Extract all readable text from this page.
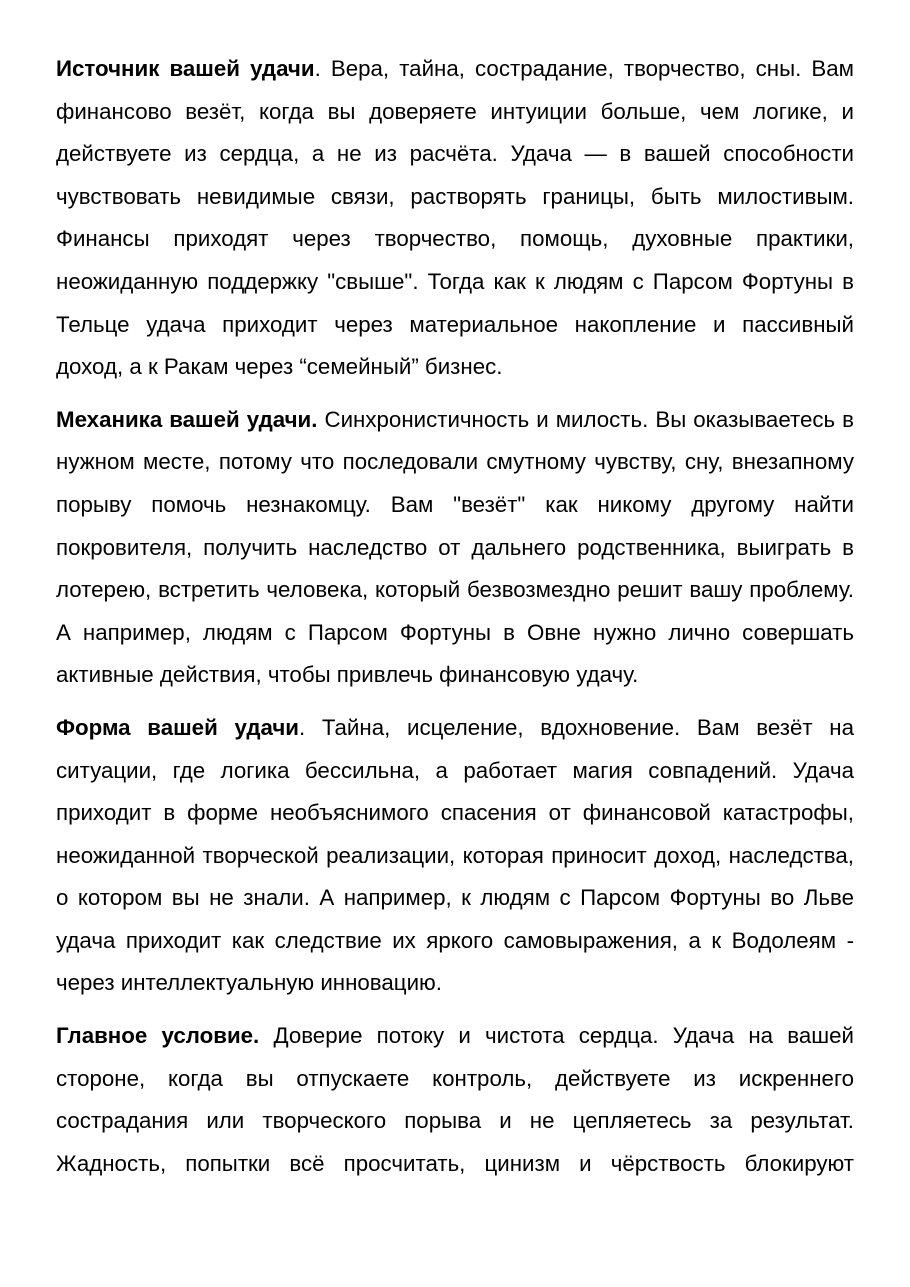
Источник вашей удачи. Вера, тайна, сострадание, творчество, сны. Вам финансово везёт, когда вы доверяете интуиции больше, чем логике, и действуете из сердца, а не из расчёта. Удача — в вашей способности чувствовать невидимые связи, растворять границы, быть милостивым. Финансы приходят через творчество, помощь, духовные практики, неожиданную поддержку "свыше". Тогда как к людям с Парсом Фортуны в Тельце удача приходит через материальное накопление и пассивный доход, а к Ракам через “семейный” бизнес.

Механика вашей удачи. Синхронистичность и милость. Вы оказываетесь в нужном месте, потому что последовали смутному чувству, сну, внезапному порыву помочь незнакомцу. Вам "везёт" как никому другому найти покровителя, получить наследство от дальнего родственника, выиграть в лотерею, встретить человека, который безвозмездно решит вашу проблему. А например, людям с Парсом Фортуны в Овне нужно лично совершать активные действия, чтобы привлечь финансовую удачу.

Форма вашей удачи. Тайна, исцеление, вдохновение. Вам везёт на ситуации, где логика бессильна, а работает магия совпадений. Удача приходит в форме необъяснимого спасения от финансовой катастрофы, неожиданной творческой реализации, которая приносит доход, наследства, о котором вы не знали. А например, к людям с Парсом Фортуны во Льве удача приходит как следствие их яркого самовыражения, а к Водолеям - через интеллектуальную инновацию.

Главное условие. Доверие потоку и чистота сердца. Удача на вашей стороне, когда вы отпускаете контроль, действуете из искреннего сострадания или творческого порыва и не цепляетесь за результат. Жадность, попытки всё просчитать, цинизм и чёрствость блокируют
